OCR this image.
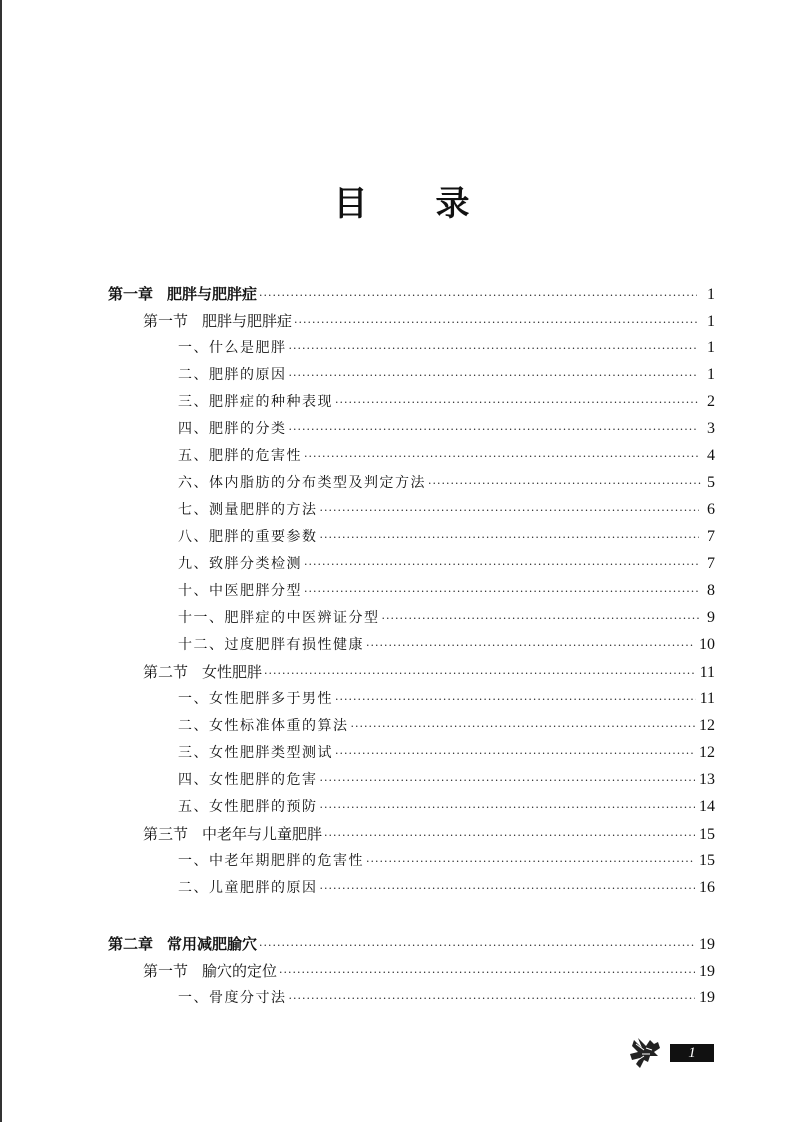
目录
第一章 肥胖与肥胖症 ·····	1
第一节 肥胖与肥胖症 ·····	1
一、什么是肥胖 ·····	1
二、肥胖的原因 ·····	1
三、肥胖症的种种表现 ·····	2
四、肥胖的分类 ·····	3
五、肥胖的危害性 ·····	4
六、体内脂肪的分布类型及判定方法 ·····	5
七、测量肥胖的方法 ·····	6
八、肥胖的重要参数 ·····	7
九、致胖分类检测 ·····	7
十、中医肥胖分型 ·····	8
十一、肥胖症的中医辨证分型 ·····	9
十二、过度肥胖有损性健康 ·····	10
第二节 女性肥胖 ·····	11
一、女性肥胖多于男性 ·····	11
二、女性标准体重的算法 ·····	12
三、女性肥胖类型测试 ·····	12
四、女性肥胖的危害 ·····	13
五、女性肥胖的预防 ·····	14
第三节 中老年与儿童肥胖 ·····	15
一、中老年期肥胖的危害性 ·····	15
二、儿童肥胖的原因 ·····	16
第二章 常用减肥腧穴 ·····	19
第一节 腧穴的定位 ·····	19
一、骨度分寸法 ·····	19
1
